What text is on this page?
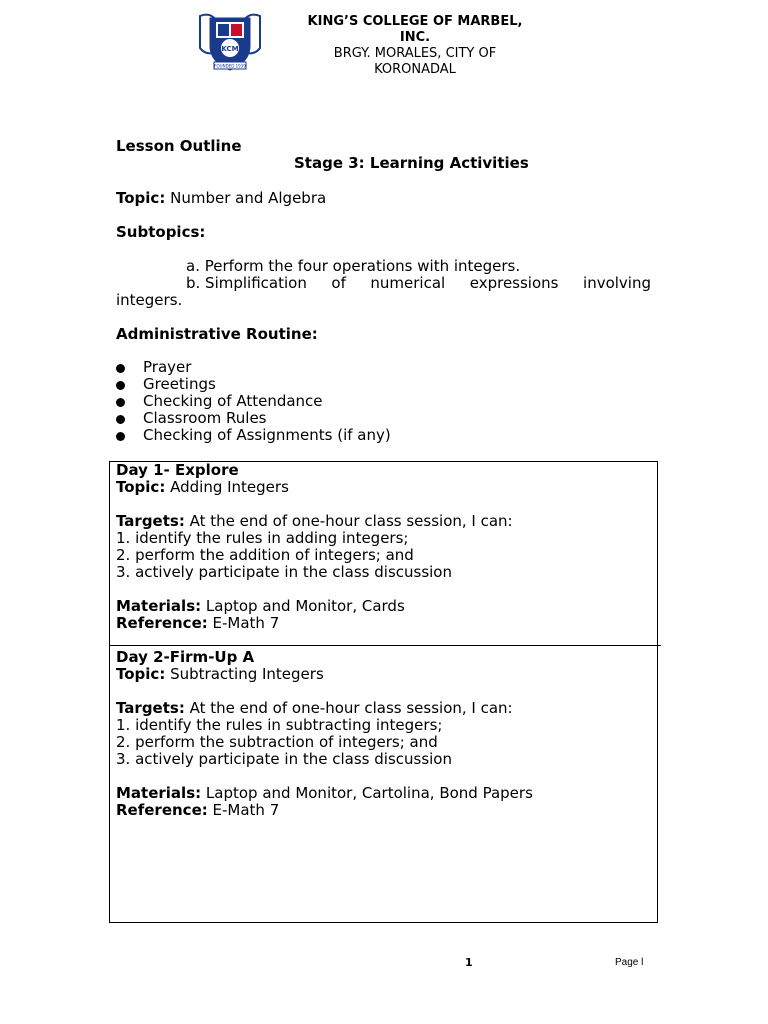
KCM
FOUNDED 1939
KING’S COLLEGE OF MARBEL,
INC.
BRGY. MORALES, CITY OF
KORONADAL
Lesson Outline
Stage 3: Learning Activities
Topic: Number and Algebra
Subtopics:
a. Perform the four operations with integers.
b. Simplification of numerical expressions involving
integers.
Administrative Routine:
Prayer
Greetings
Checking of Attendance
Classroom Rules
Checking of Assignments (if any)
Day 1- Explore
Topic: Adding Integers
Targets: At the end of one-hour class session, I can:
1. identify the rules in adding integers;
2. perform the addition of integers; and
3. actively participate in the class discussion
Materials: Laptop and Monitor, Cards
Reference: E-Math 7
Day 2-Firm-Up A
Topic: Subtracting Integers
Targets: At the end of one-hour class session, I can:
1. identify the rules in subtracting integers;
2. perform the subtraction of integers; and
3. actively participate in the class discussion
Materials: Laptop and Monitor, Cartolina, Bond Papers
Reference: E-Math 7
1	Page l
